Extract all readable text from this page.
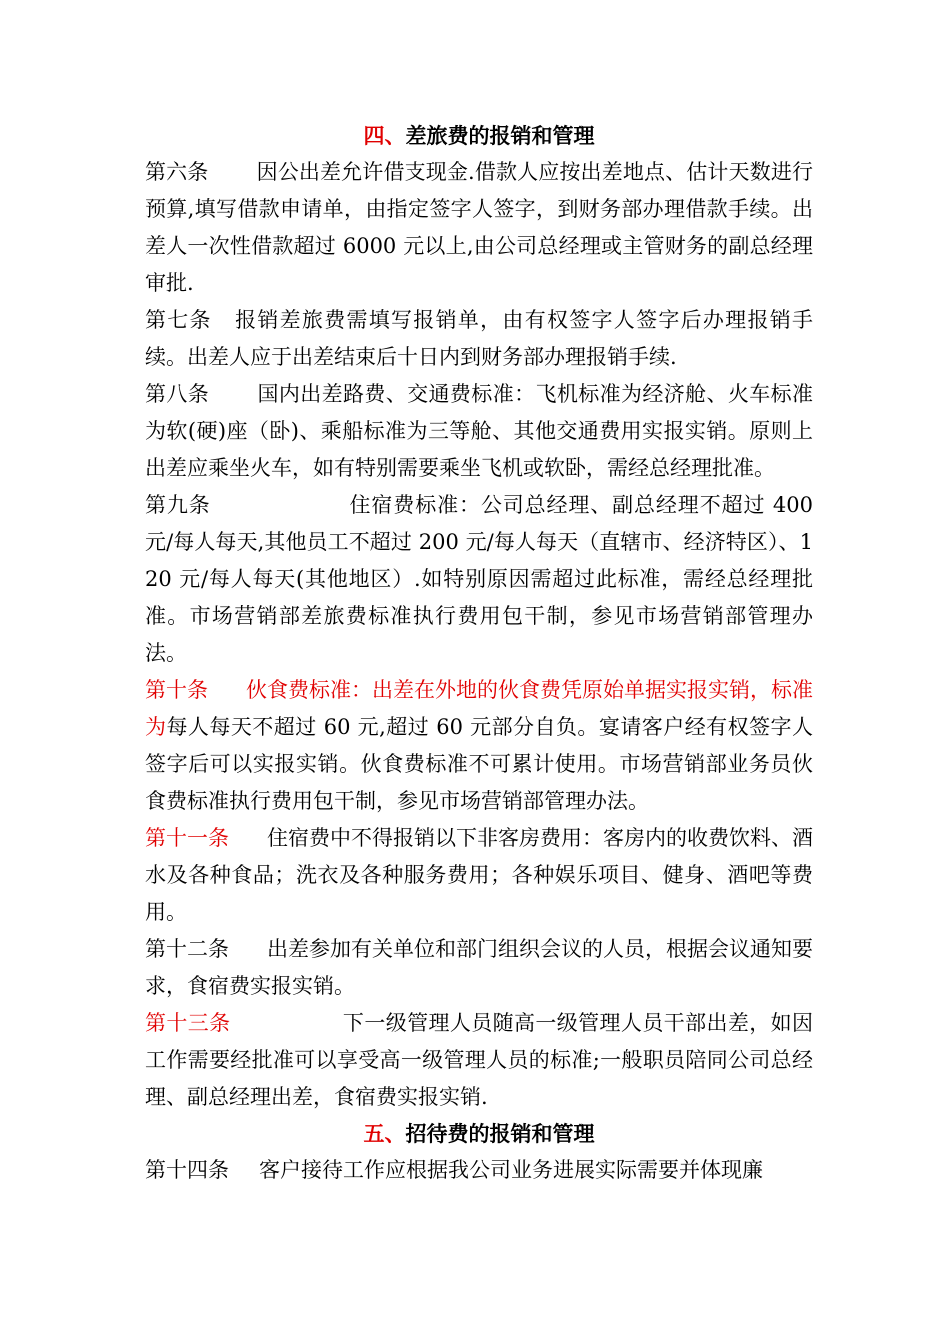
四、差旅费的报销和管理

第六条 因公出差允许借支现金.借款人应按出差地点、估计天数进行预算,填写借款申请单，由指定签字人签字，到财务部办理借款手续。出差人一次性借款超过 6000 元以上,由公司总经理或主管财务的副总经理审批.

第七条 报销差旅费需填写报销单，由有权签字人签字后办理报销手续。出差人应于出差结束后十日内到财务部办理报销手续.

第八条 国内出差路费、交通费标准：飞机标准为经济舱、火车标准为软(硬)座（卧)、乘船标准为三等舱、其他交通费用实报实销。原则上出差应乘坐火车，如有特别需要乘坐飞机或软卧，需经总经理批准。

第九条	住宿费标准：公司总经理、副总经理不超过 400 元/每人每天,其他员工不超过 200 元/每人每天（直辖市、经济特区）、120 元/每人每天(其他地区）.如特别原因需超过此标准，需经总经理批准。市场营销部差旅费标准执行费用包干制，参见市场营销部管理办法。

第十条 伙食费标准：出差在外地的伙食费凭原始单据实报实销，标准为每人每天不超过 60 元,超过 60 元部分自负。宴请客户经有权签字人签字后可以实报实销。伙食费标准不可累计使用。市场营销部业务员伙食费标准执行费用包干制，参见市场营销部管理办法。

第十一条 住宿费中不得报销以下非客房费用：客房内的收费饮料、酒水及各种食品；洗衣及各种服务费用；各种娱乐项目、健身、酒吧等费用。

第十二条 出差参加有关单位和部门组织会议的人员，根据会议通知要求，食宿费实报实销。

第十三条	下一级管理人员随高一级管理人员干部出差，如因工作需要经批准可以享受高一级管理人员的标准;一般职员陪同公司总经理、副总经理出差，食宿费实报实销.

五、招待费的报销和管理

第十四条 客户接待工作应根据我公司业务进展实际需要并体现廉
